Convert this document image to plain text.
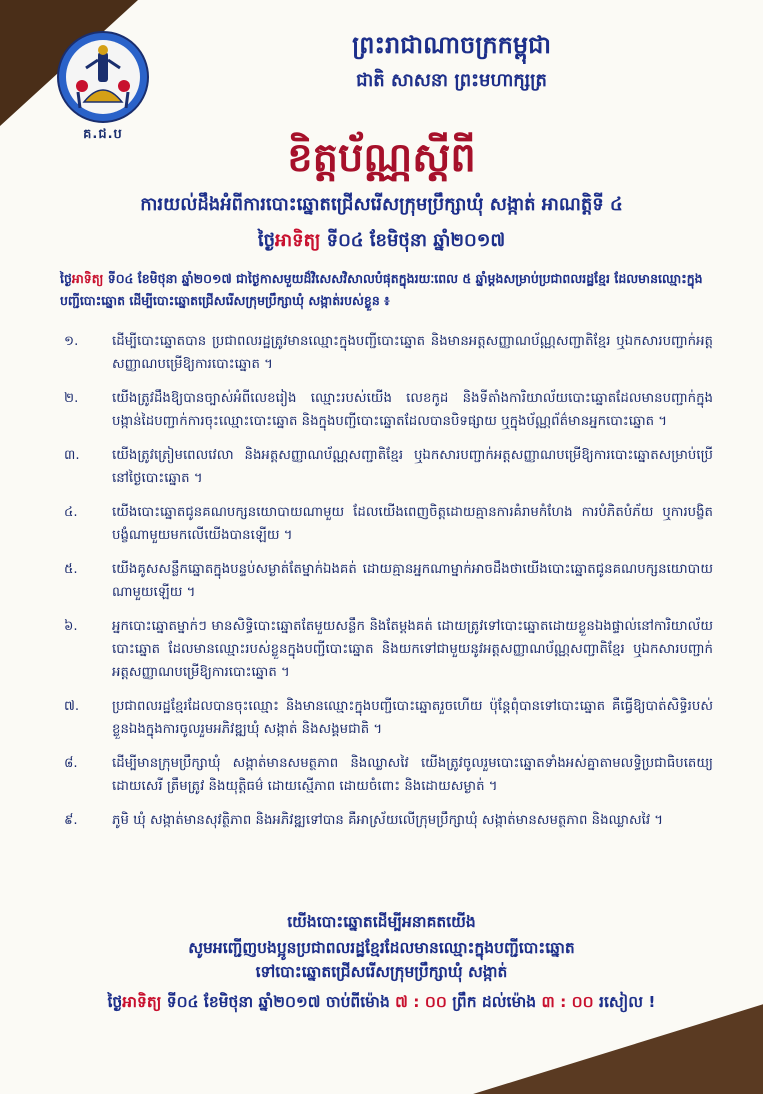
គ.ជ.ប
ព្រះរាជាណាចក្រកម្ពុជា
ជាតិ សាសនា ព្រះមហាក្សត្រ
ខិត្តប័ណ្ណស្តីពី
ការយល់ដឹងអំពីការបោះឆ្នោតជ្រើសរើសក្រុមប្រឹក្សាឃុំ សង្កាត់ អាណត្តិទី ៤
ថ្ងៃអាទិត្យ ទី០៤ ខែមិថុនា ឆ្នាំ២០១៧
ថ្ងៃអាទិត្យ ទី០៤ ខែមិថុនា ឆ្នាំ២០១៧ ជាថ្ងៃកាសមួយដ៏វិសេសវិសាលបំផុតក្នុងរយៈពេល ៥ ឆ្នាំម្តងសម្រាប់ប្រជាពលរដ្ឋខ្មែរ ដែលមានឈ្មោះក្នុងបញ្ជីបោះឆ្នោត ដើម្បីបោះឆ្នោតជ្រើសរើសក្រុមប្រឹក្សាឃុំ សង្កាត់របស់ខ្លួន ៖
១.	ដើម្បីបោះឆ្នោតបាន ប្រជាពលរដ្ឋត្រូវមានឈ្មោះក្នុងបញ្ជីបោះឆ្នោត និងមានអត្តសញ្ញាណប័ណ្ណសញ្ជាតិខ្មែរ ឬឯកសារបញ្ជាក់អត្តសញ្ញាណបម្រើឱ្យការបោះឆ្នោត ។
២.	យើងត្រូវដឹងឱ្យបានច្បាស់អំពីលេខរៀង ឈ្មោះរបស់យើង លេខកូដ និងទីតាំងការិយាល័យបោះឆ្នោតដែលមានបញ្ជាក់ក្នុងបង្កាន់ដៃបញ្ជាក់ការចុះឈ្មោះបោះឆ្នោត និងក្នុងបញ្ជីបោះឆ្នោតដែលបានបិទផ្សាយ ឬក្នុងប័ណ្ណព័ត៌មានអ្នកបោះឆ្នោត ។
៣.	យើងត្រូវត្រៀមពេលវេលា និងអត្តសញ្ញាណប័ណ្ណសញ្ជាតិខ្មែរ ឬឯកសារបញ្ជាក់អត្តសញ្ញាណបម្រើឱ្យការបោះឆ្នោតសម្រាប់ប្រើនៅថ្ងៃបោះឆ្នោត ។
៤.	យើងបោះឆ្នោតជូនគណបក្សនយោបាយណាមួយ ដែលយើងពេញចិត្តដោយគ្មានការគំរាមកំហែង ការបំភិតបំភ័យ ឬការបង្ខិតបង្ខំណាមួយមកលើយើងបានឡើយ ។
៥.	យើងគូសសន្លឹកឆ្នោតក្នុងបន្ទប់សម្ងាត់តែម្នាក់ឯងគត់ ដោយគ្មានអ្នកណាម្នាក់អាចដឹងថាយើងបោះឆ្នោតជូនគណបក្សនយោបាយណាមួយឡើយ ។
៦.	អ្នកបោះឆ្នោតម្នាក់ៗ មានសិទ្ធិបោះឆ្នោតតែមួយសន្លឹក និងតែម្តងគត់ ដោយត្រូវទៅបោះឆ្នោតដោយខ្លួនឯងផ្ទាល់នៅការិយាល័យបោះឆ្នោត ដែលមានឈ្មោះរបស់ខ្លួនក្នុងបញ្ជីបោះឆ្នោត និងយកទៅជាមួយនូវអត្តសញ្ញាណប័ណ្ណសញ្ជាតិខ្មែរ ឬឯកសារបញ្ជាក់អត្តសញ្ញាណបម្រើឱ្យការបោះឆ្នោត ។
៧.	ប្រជាពលរដ្ឋខ្មែរដែលបានចុះឈ្មោះ និងមានឈ្មោះក្នុងបញ្ជីបោះឆ្នោតរួចហើយ ប៉ុន្តែពុំបានទៅបោះឆ្នោត គឺធ្វើឱ្យបាត់សិទ្ធិរបស់ខ្លួនឯងក្នុងការចូលរួមអភិវឌ្ឍឃុំ សង្កាត់ និងសង្គមជាតិ ។
៨.	ដើម្បីមានក្រុមប្រឹក្សាឃុំ សង្កាត់មានសមត្ថភាព និងឈ្លាសវៃ យើងត្រូវចូលរួមបោះឆ្នោតទាំងអស់គ្នាតាមលទ្ធិប្រជាធិបតេយ្យ ដោយសេរី ត្រឹមត្រូវ និងយុត្តិធម៌ ដោយស្មើភាព ដោយចំពោះ និងដោយសម្ងាត់ ។
៩.	ភូមិ ឃុំ សង្កាត់មានសុវត្ថិភាព និងអភិវឌ្ឍទៅបាន គឺអាស្រ័យលើក្រុមប្រឹក្សាឃុំ សង្កាត់មានសមត្ថភាព និងឈ្លាសវៃ ។
យើងបោះឆ្នោតដើម្បីអនាគតយើង
សូមអញ្ជើញបងប្អូនប្រជាពលរដ្ឋខ្មែរដែលមានឈ្មោះក្នុងបញ្ជីបោះឆ្នោត
ទៅបោះឆ្នោតជ្រើសរើសក្រុមប្រឹក្សាឃុំ សង្កាត់
ថ្ងៃអាទិត្យ ទី០៤ ខែមិថុនា ឆ្នាំ២០១៧ ចាប់ពីម៉ោង ៧ : ០០ ព្រឹក ដល់ម៉ោង ៣ : ០០ រសៀល !
